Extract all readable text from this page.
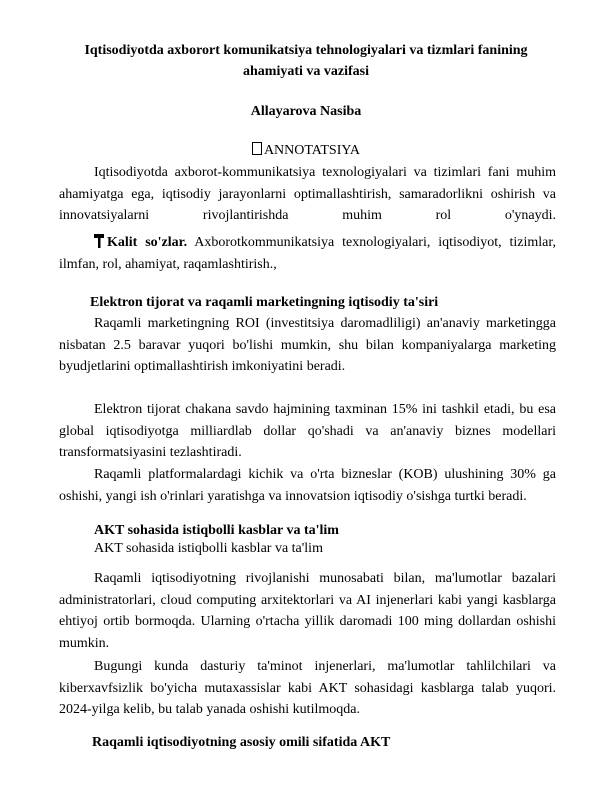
Iqtisodiyotda axborort komunikatsiya tehnologiyalari va tizmlari fanining ahamiyati va vazifasi
Allayarova Nasiba
ANNOTATSIYA

Iqtisodiyotda axborot-kommunikatsiya texnologiyalari va tizimlari fani muhim ahamiyatga ega, iqtisodiy jarayonlarni optimallashtirish, samaradorlikni oshirish va innovatsiyalarni rivojlantirishda muhim rol o'ynaydi.

Kalit so'zlar. Axborotkommunikatsiya texnologiyalari, iqtisodiyot, tizimlar, ilmfan, rol, ahamiyat, raqamlashtirish.,

Elektron tijorat va raqamli marketingning iqtisodiy ta'siri

Raqamli marketingning ROI (investitsiya daromadliligi) an'anaviy marketingga nisbatan 2.5 baravar yuqori bo'lishi mumkin, shu bilan kompaniyalarga marketing byudjetlarini optimallashtirish imkoniyatini beradi.

Elektron tijorat chakana savdo hajmining taxminan 15% ini tashkil etadi, bu esa global iqtisodiyotga milliardlab dollar qo'shadi va an'anaviy biznes modellari transformatsiyasini tezlashtiradi.

Raqamli platformalardagi kichik va o'rta bizneslar (KOB) ulushining 30% ga oshishi, yangi ish o'rinlari yaratishga va innovatsion iqtisodiy o'sishga turtki beradi.

AKT sohasida istiqbolli kasblar va ta'lim
AKT sohasida istiqbolli kasblar va ta'lim

Raqamli iqtisodiyotning rivojlanishi munosabati bilan, ma'lumotlar bazalari administratorlari, cloud computing arxitektorlari va AI injenerlari kabi yangi kasblarga ehtiyoj ortib bormoqda. Ularning o'rtacha yillik daromadi 100 ming dollardan oshishi mumkin.

Bugungi kunda dasturiy ta'minot injenerlari, ma'lumotlar tahlilchilari va kiberxavfsizlik bo'yicha mutaxassislar kabi AKT sohasidagi kasblarga talab yuqori. 2024-yilga kelib, bu talab yanada oshishi kutilmoqda.

Raqamli iqtisodiyotning asosiy omili sifatida AKT
